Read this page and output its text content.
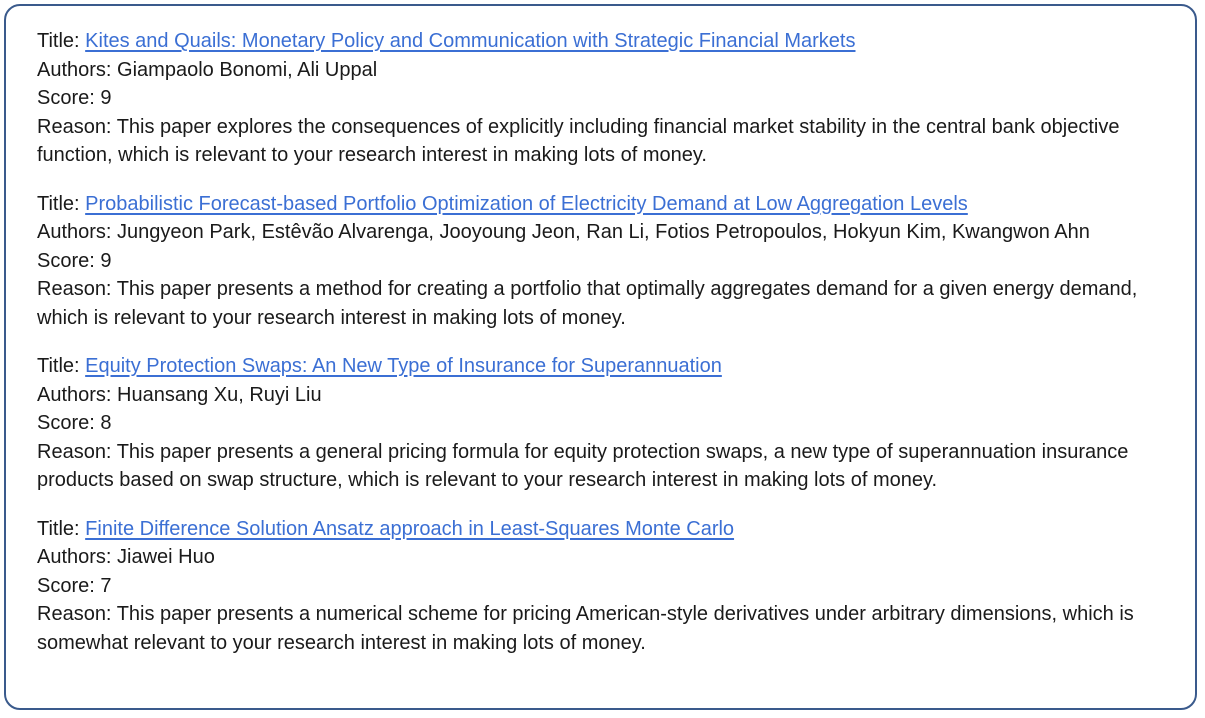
Title: Kites and Quails: Monetary Policy and Communication with Strategic Financial Markets
Authors: Giampaolo Bonomi, Ali Uppal
Score: 9
Reason: This paper explores the consequences of explicitly including financial market stability in the central bank objective function, which is relevant to your research interest in making lots of money.
Title: Probabilistic Forecast-based Portfolio Optimization of Electricity Demand at Low Aggregation Levels
Authors: Jungyeon Park, Estêvão Alvarenga, Jooyoung Jeon, Ran Li, Fotios Petropoulos, Hokyun Kim, Kwangwon Ahn
Score: 9
Reason: This paper presents a method for creating a portfolio that optimally aggregates demand for a given energy demand, which is relevant to your research interest in making lots of money.
Title: Equity Protection Swaps: An New Type of Insurance for Superannuation
Authors: Huansang Xu, Ruyi Liu
Score: 8
Reason: This paper presents a general pricing formula for equity protection swaps, a new type of superannuation insurance products based on swap structure, which is relevant to your research interest in making lots of money.
Title: Finite Difference Solution Ansatz approach in Least-Squares Monte Carlo
Authors: Jiawei Huo
Score: 7
Reason: This paper presents a numerical scheme for pricing American-style derivatives under arbitrary dimensions, which is somewhat relevant to your research interest in making lots of money.
